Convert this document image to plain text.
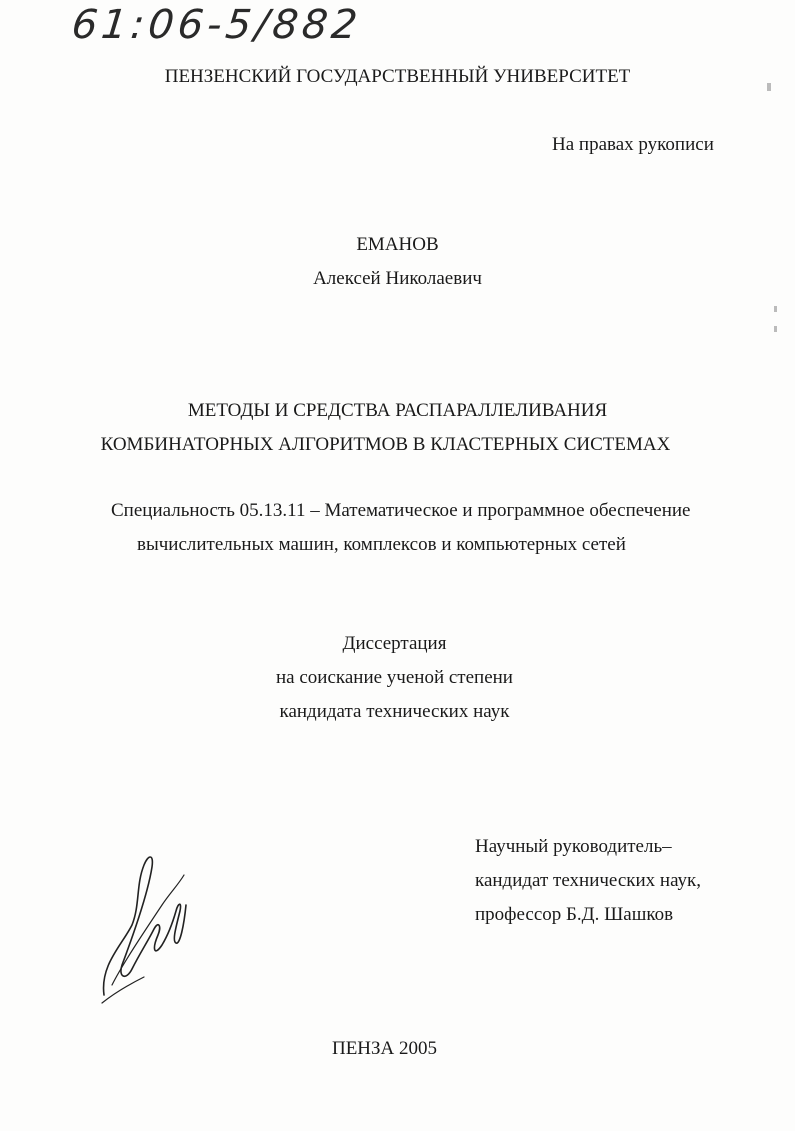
61:06-5/882
ПЕНЗЕНСКИЙ ГОСУДАРСТВЕННЫЙ УНИВЕРСИТЕТ
На правах рукописи
ЕМАНОВ
Алексей Николаевич
МЕТОДЫ И СРЕДСТВА РАСПАРАЛЛЕЛИВАНИЯ
КОМБИНАТОРНЫХ АЛГОРИТМОВ В КЛАСТЕРНЫХ СИСТЕМАХ
Специальность 05.13.11 – Математическое и программное обеспечение
вычислительных машин, комплексов и компьютерных сетей
Диссертация
на соискание ученой степени
кандидата технических наук
Научный руководитель–
кандидат технических наук,
профессор Б.Д. Шашков
ПЕНЗА 2005
